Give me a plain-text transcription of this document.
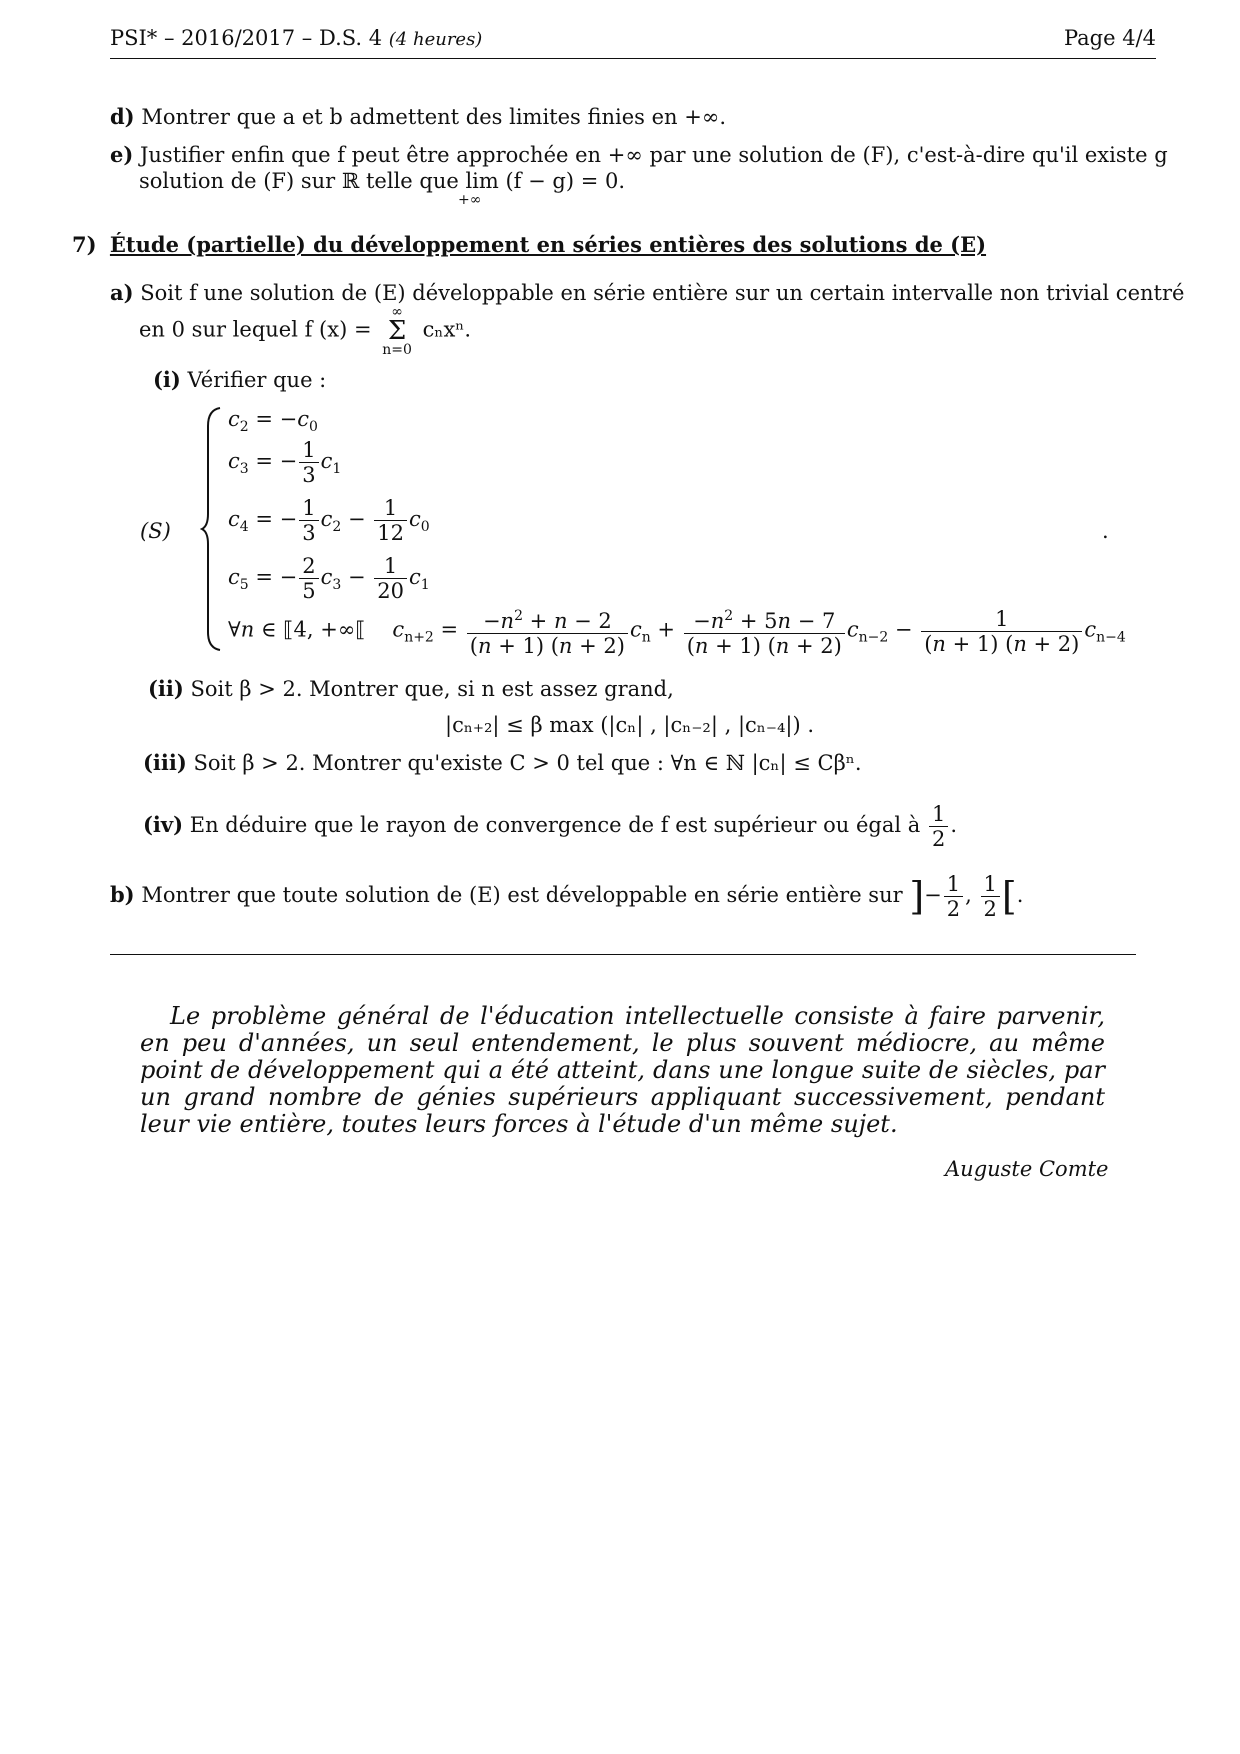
PSI* – 2016/2017 – D.S. 4 (4 heures)	Page 4/4
d) Montrer que a et b admettent des limites finies en +∞.
e) Justifier enfin que f peut être approchée en +∞ par une solution de (F), c'est-à-dire qu'il existe g
solution de (F) sur ℝ telle que lim (f − g) = 0.
+∞
7) Étude (partielle) du développement en séries entières des solutions de (E)
a) Soit f une solution de (E) développable en série entière sur un certain intervalle non trivial centré
en 0 sur lequel f (x) =
∞
Σ
n=0
cₙxⁿ.
(i) Vérifier que :
(S)
$c_2 = -c_0$
$c_3$ = − $\frac{1}{3} c_1$
$c_4$ = − $\frac{1}{3} c_2 - \frac{1}{12} c_0$
$c_5$ = − $\frac{2}{5} c_3 - \frac{1}{20} c_1$
∀n ∈ ⟦4, +∞⟦    $c_{n+2} = \frac{-n^2 + n - 2}{(n + 1) (n + 2)} c_n + \frac{-n^2 + 5n - 7}{(n + 1) (n + 2)} c_{n-2} - \frac{1}{(n + 1) (n + 2)} c_{n-4}$
.
(ii) Soit β > 2. Montrer que, si n est assez grand,
|cₙ₊₂| ≤ β max (|cₙ| , |cₙ₋₂| , |cₙ₋₄|) .
(iii) Soit β > 2. Montrer qu'existe C > 0 tel que : ∀n ∈ ℕ |cₙ| ≤ Cβⁿ.
(iv) En déduire que le rayon de convergence de f est supérieur ou égal à $\frac{1}{2}$ .
b) Montrer que toute solution de (E) est développable en série entière sur ]− $\frac{1}{2}$ , $\frac{1}{2}$ [.
Le problème général de l'éducation intellectuelle consiste à faire parvenir, en peu d'années, un seul entendement, le plus souvent médiocre, au même point de développement qui a été atteint, dans une longue suite de siècles, par un grand nombre de génies supérieurs appliquant successivement, pendant leur vie entière, toutes leurs forces à l'étude d'un même sujet.
Auguste Comte
